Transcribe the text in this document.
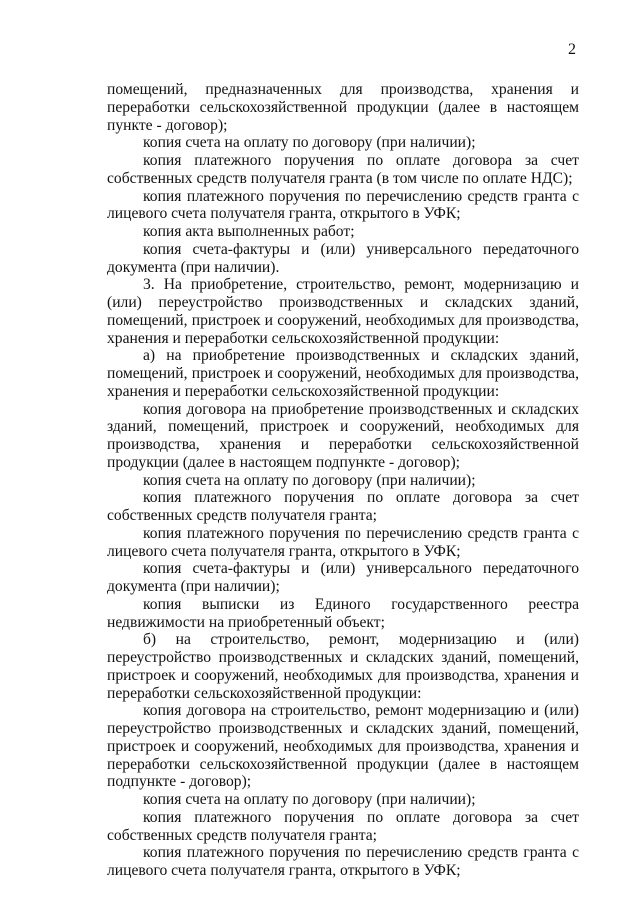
2

помещений, предназначенных для производства, хранения и переработки сельскохозяйственной продукции (далее в настоящем пункте - договор);

копия счета на оплату по договору (при наличии);

копия платежного поручения по оплате договора за счет собственных средств получателя гранта (в том числе по оплате НДС);

копия платежного поручения по перечислению средств гранта с лицевого счета получателя гранта, открытого в УФК;

копия акта выполненных работ;

копия счета-фактуры и (или) универсального передаточного документа (при наличии).

3. На приобретение, строительство, ремонт, модернизацию и (или) переустройство производственных и складских зданий, помещений, пристроек и сооружений, необходимых для производства, хранения и переработки сельскохозяйственной продукции:

а) на приобретение производственных и складских зданий, помещений, пристроек и сооружений, необходимых для производства, хранения и переработки сельскохозяйственной продукции:

копия договора на приобретение производственных и складских зданий, помещений, пристроек и сооружений, необходимых для производства, хранения и переработки сельскохозяйственной продукции (далее в настоящем подпункте - договор);

копия счета на оплату по договору (при наличии);

копия платежного поручения по оплате договора за счет собственных средств получателя гранта;

копия платежного поручения по перечислению средств гранта с лицевого счета получателя гранта, открытого в УФК;

копия счета-фактуры и (или) универсального передаточного документа (при наличии);

копия выписки из Единого государственного реестра недвижимости на приобретенный объект;

б) на строительство, ремонт, модернизацию и (или) переустройство производственных и складских зданий, помещений, пристроек и сооружений, необходимых для производства, хранения и переработки сельскохозяйственной продукции:

копия договора на строительство, ремонт модернизацию и (или) переустройство производственных и складских зданий, помещений, пристроек и сооружений, необходимых для производства, хранения и переработки сельскохозяйственной продукции (далее в настоящем подпункте - договор);

копия счета на оплату по договору (при наличии);

копия платежного поручения по оплате договора за счет собственных средств получателя гранта;

копия платежного поручения по перечислению средств гранта с лицевого счета получателя гранта, открытого в УФК;
